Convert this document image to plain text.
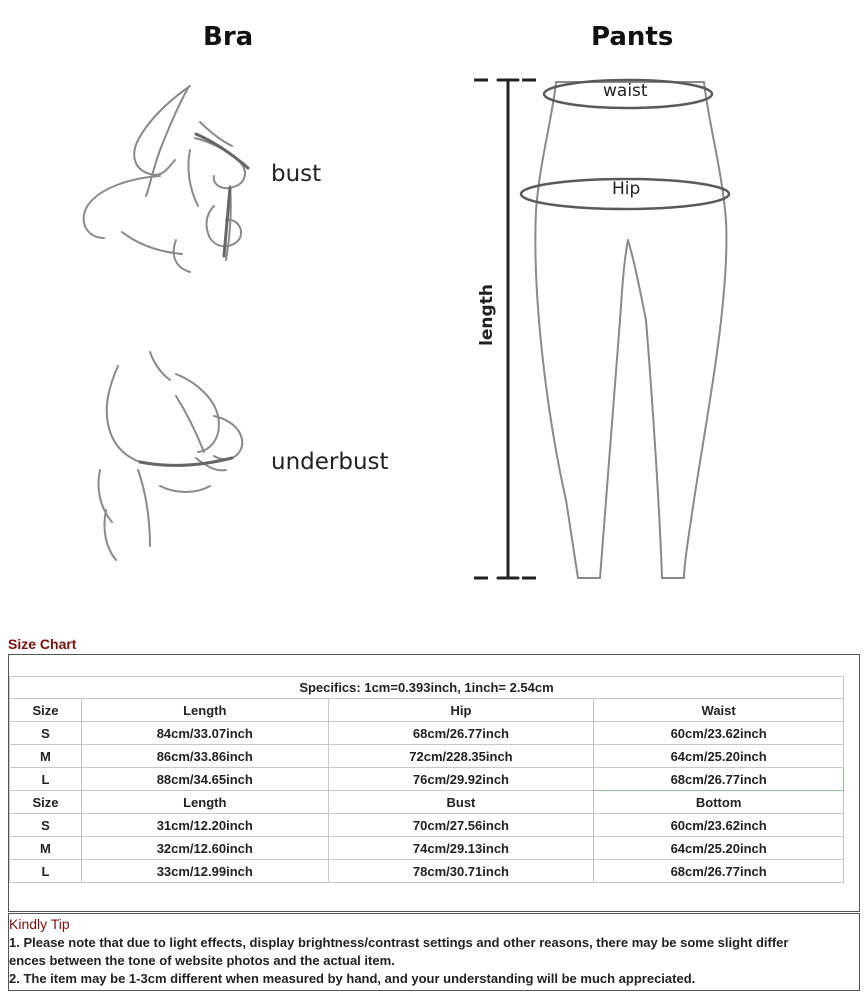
Bra	Pants
bust
underbust
waist
Hip
length
Size Chart
Specifics: 1cm=0.393inch, 1inch= 2.54cm			
Size	Length	Hip	Waist
S	84cm/33.07inch	68cm/26.77inch	60cm/23.62inch
M	86cm/33.86inch	72cm/228.35inch	64cm/25.20inch
L	88cm/34.65inch	76cm/29.92inch	68cm/26.77inch
Size	Length	Bust	Bottom
S	31cm/12.20inch	70cm/27.56inch	60cm/23.62inch
M	32cm/12.60inch	74cm/29.13inch	64cm/25.20inch
L	33cm/12.99inch	78cm/30.71inch	68cm/26.77inch
Kindly Tip
1. Please note that due to light effects, display brightness/contrast settings and other reasons, there may be some slight differ
ences between the tone of website photos and the actual item.
2. The item may be 1-3cm different when measured by hand, and your understanding will be much appreciated.
